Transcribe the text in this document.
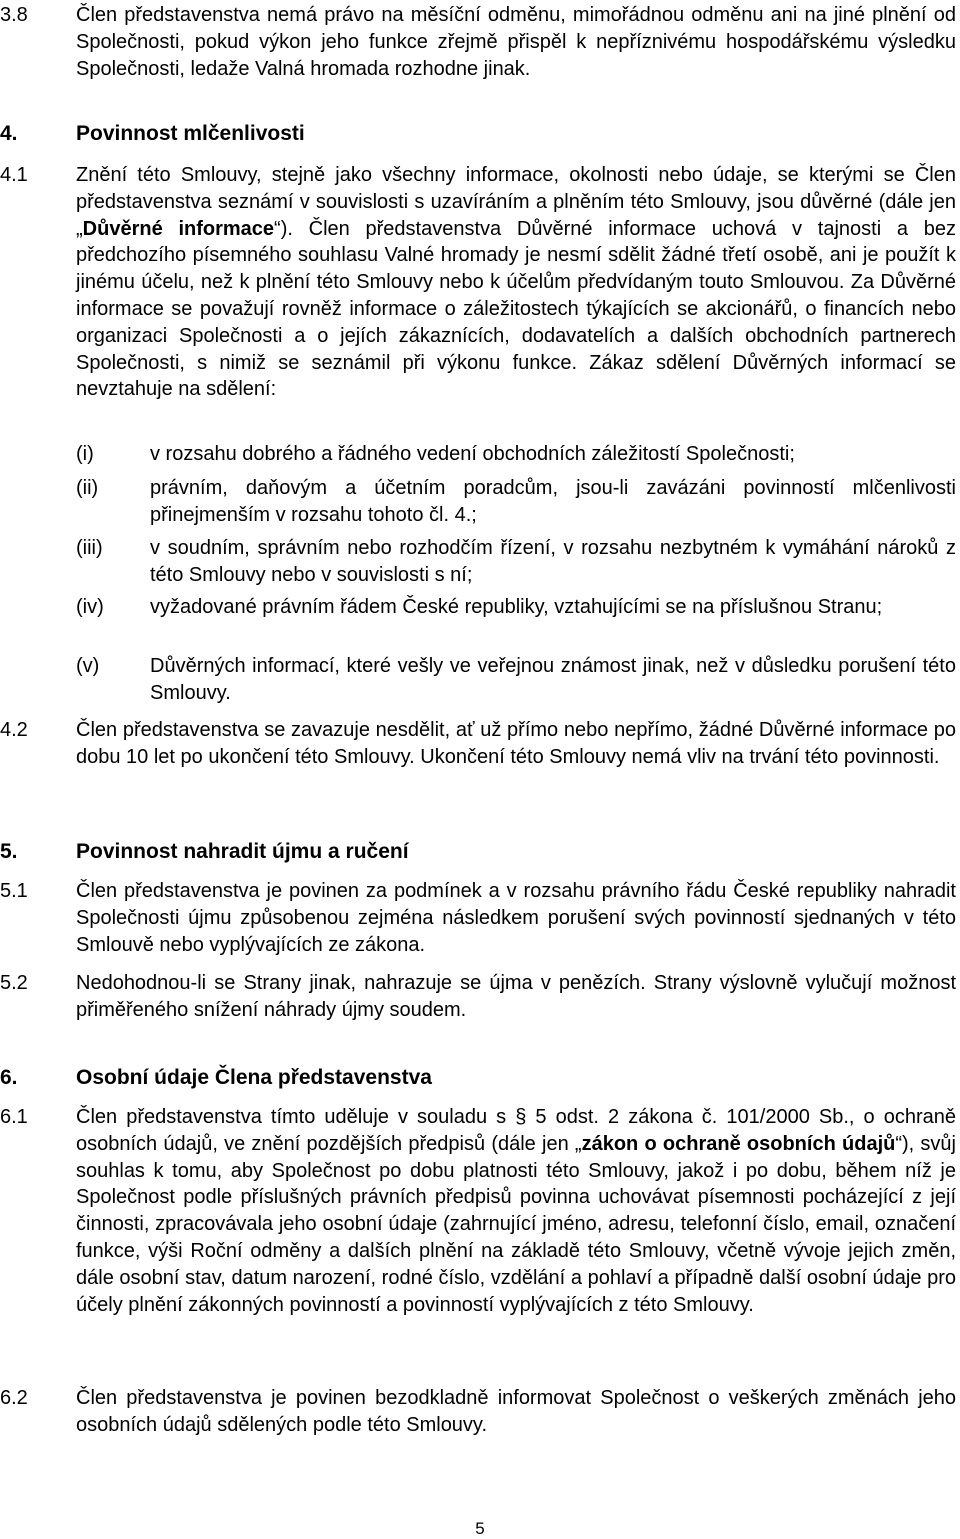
3.8	Člen představenstva nemá právo na měsíční odměnu, mimořádnou odměnu ani na jiné plnění od Společnosti, pokud výkon jeho funkce zřejmě přispěl k nepříznivému hospodářskému výsledku Společnosti, ledaže Valná hromada rozhodne jinak.
4.	Povinnost mlčenlivosti
4.1	Znění této Smlouvy, stejně jako všechny informace, okolnosti nebo údaje, se kterými se Člen představenstva seznámí v souvislosti s uzavíráním a plněním této Smlouvy, jsou důvěrné (dále jen „Důvěrné informace“). Člen představenstva Důvěrné informace uchová v tajnosti a bez předchozího písemného souhlasu Valné hromady je nesmí sdělit žádné třetí osobě, ani je použít k jinému účelu, než k plnění této Smlouvy nebo k účelům předvídaným touto Smlouvou. Za Důvěrné informace se považují rovněž informace o záležitostech týkajících se akcionářů, o financích nebo organizaci Společnosti a o jejích zákaznících, dodavatelích a dalších obchodních partnerech Společnosti, s nimiž se seznámil při výkonu funkce. Zákaz sdělení Důvěrných informací se nevztahuje na sdělení:
(i)	v rozsahu dobrého a řádného vedení obchodních záležitostí Společnosti;
(ii)	právním, daňovým a účetním poradcům, jsou-li zavázáni povinností mlčenlivosti přinejmenším v rozsahu tohoto čl. 4.;
(iii)	v soudním, správním nebo rozhodčím řízení, v rozsahu nezbytném k vymáhání nároků z této Smlouvy nebo v souvislosti s ní;
(iv)	vyžadované právním řádem České republiky, vztahujícími se na příslušnou Stranu;
(v)	Důvěrných informací, které vešly ve veřejnou známost jinak, než v důsledku porušení této Smlouvy.
4.2	Člen představenstva se zavazuje nesdělit, ať už přímo nebo nepřímo, žádné Důvěrné informace po dobu 10 let po ukončení této Smlouvy. Ukončení této Smlouvy nemá vliv na trvání této povinnosti.
5.	Povinnost nahradit újmu a ručení
5.1	Člen představenstva je povinen za podmínek a v rozsahu právního řádu České republiky nahradit Společnosti újmu způsobenou zejména následkem porušení svých povinností sjednaných v této Smlouvě nebo vyplývajících ze zákona.
5.2	Nedohodnou-li se Strany jinak, nahrazuje se újma v penězích. Strany výslovně vylučují možnost přiměřeného snížení náhrady újmy soudem.
6.	Osobní údaje Člena představenstva
6.1	Člen představenstva tímto uděluje v souladu s § 5 odst. 2 zákona č. 101/2000 Sb., o ochraně osobních údajů, ve znění pozdějších předpisů (dále jen „zákon o ochraně osobních údajů“), svůj souhlas k tomu, aby Společnost po dobu platnosti této Smlouvy, jakož i po dobu, během níž je Společnost podle příslušných právních předpisů povinna uchovávat písemnosti pocházející z její činnosti, zpracovávala jeho osobní údaje (zahrnující jméno, adresu, telefonní číslo, email, označení funkce, výši Roční odměny a dalších plnění na základě této Smlouvy, včetně vývoje jejich změn, dále osobní stav, datum narození, rodné číslo, vzdělání a pohlaví a případně další osobní údaje pro účely plnění zákonných povinností a povinností vyplývajících z této Smlouvy.
6.2	Člen představenstva je povinen bezodkladně informovat Společnost o veškerých změnách jeho osobních údajů sdělených podle této Smlouvy.
5
